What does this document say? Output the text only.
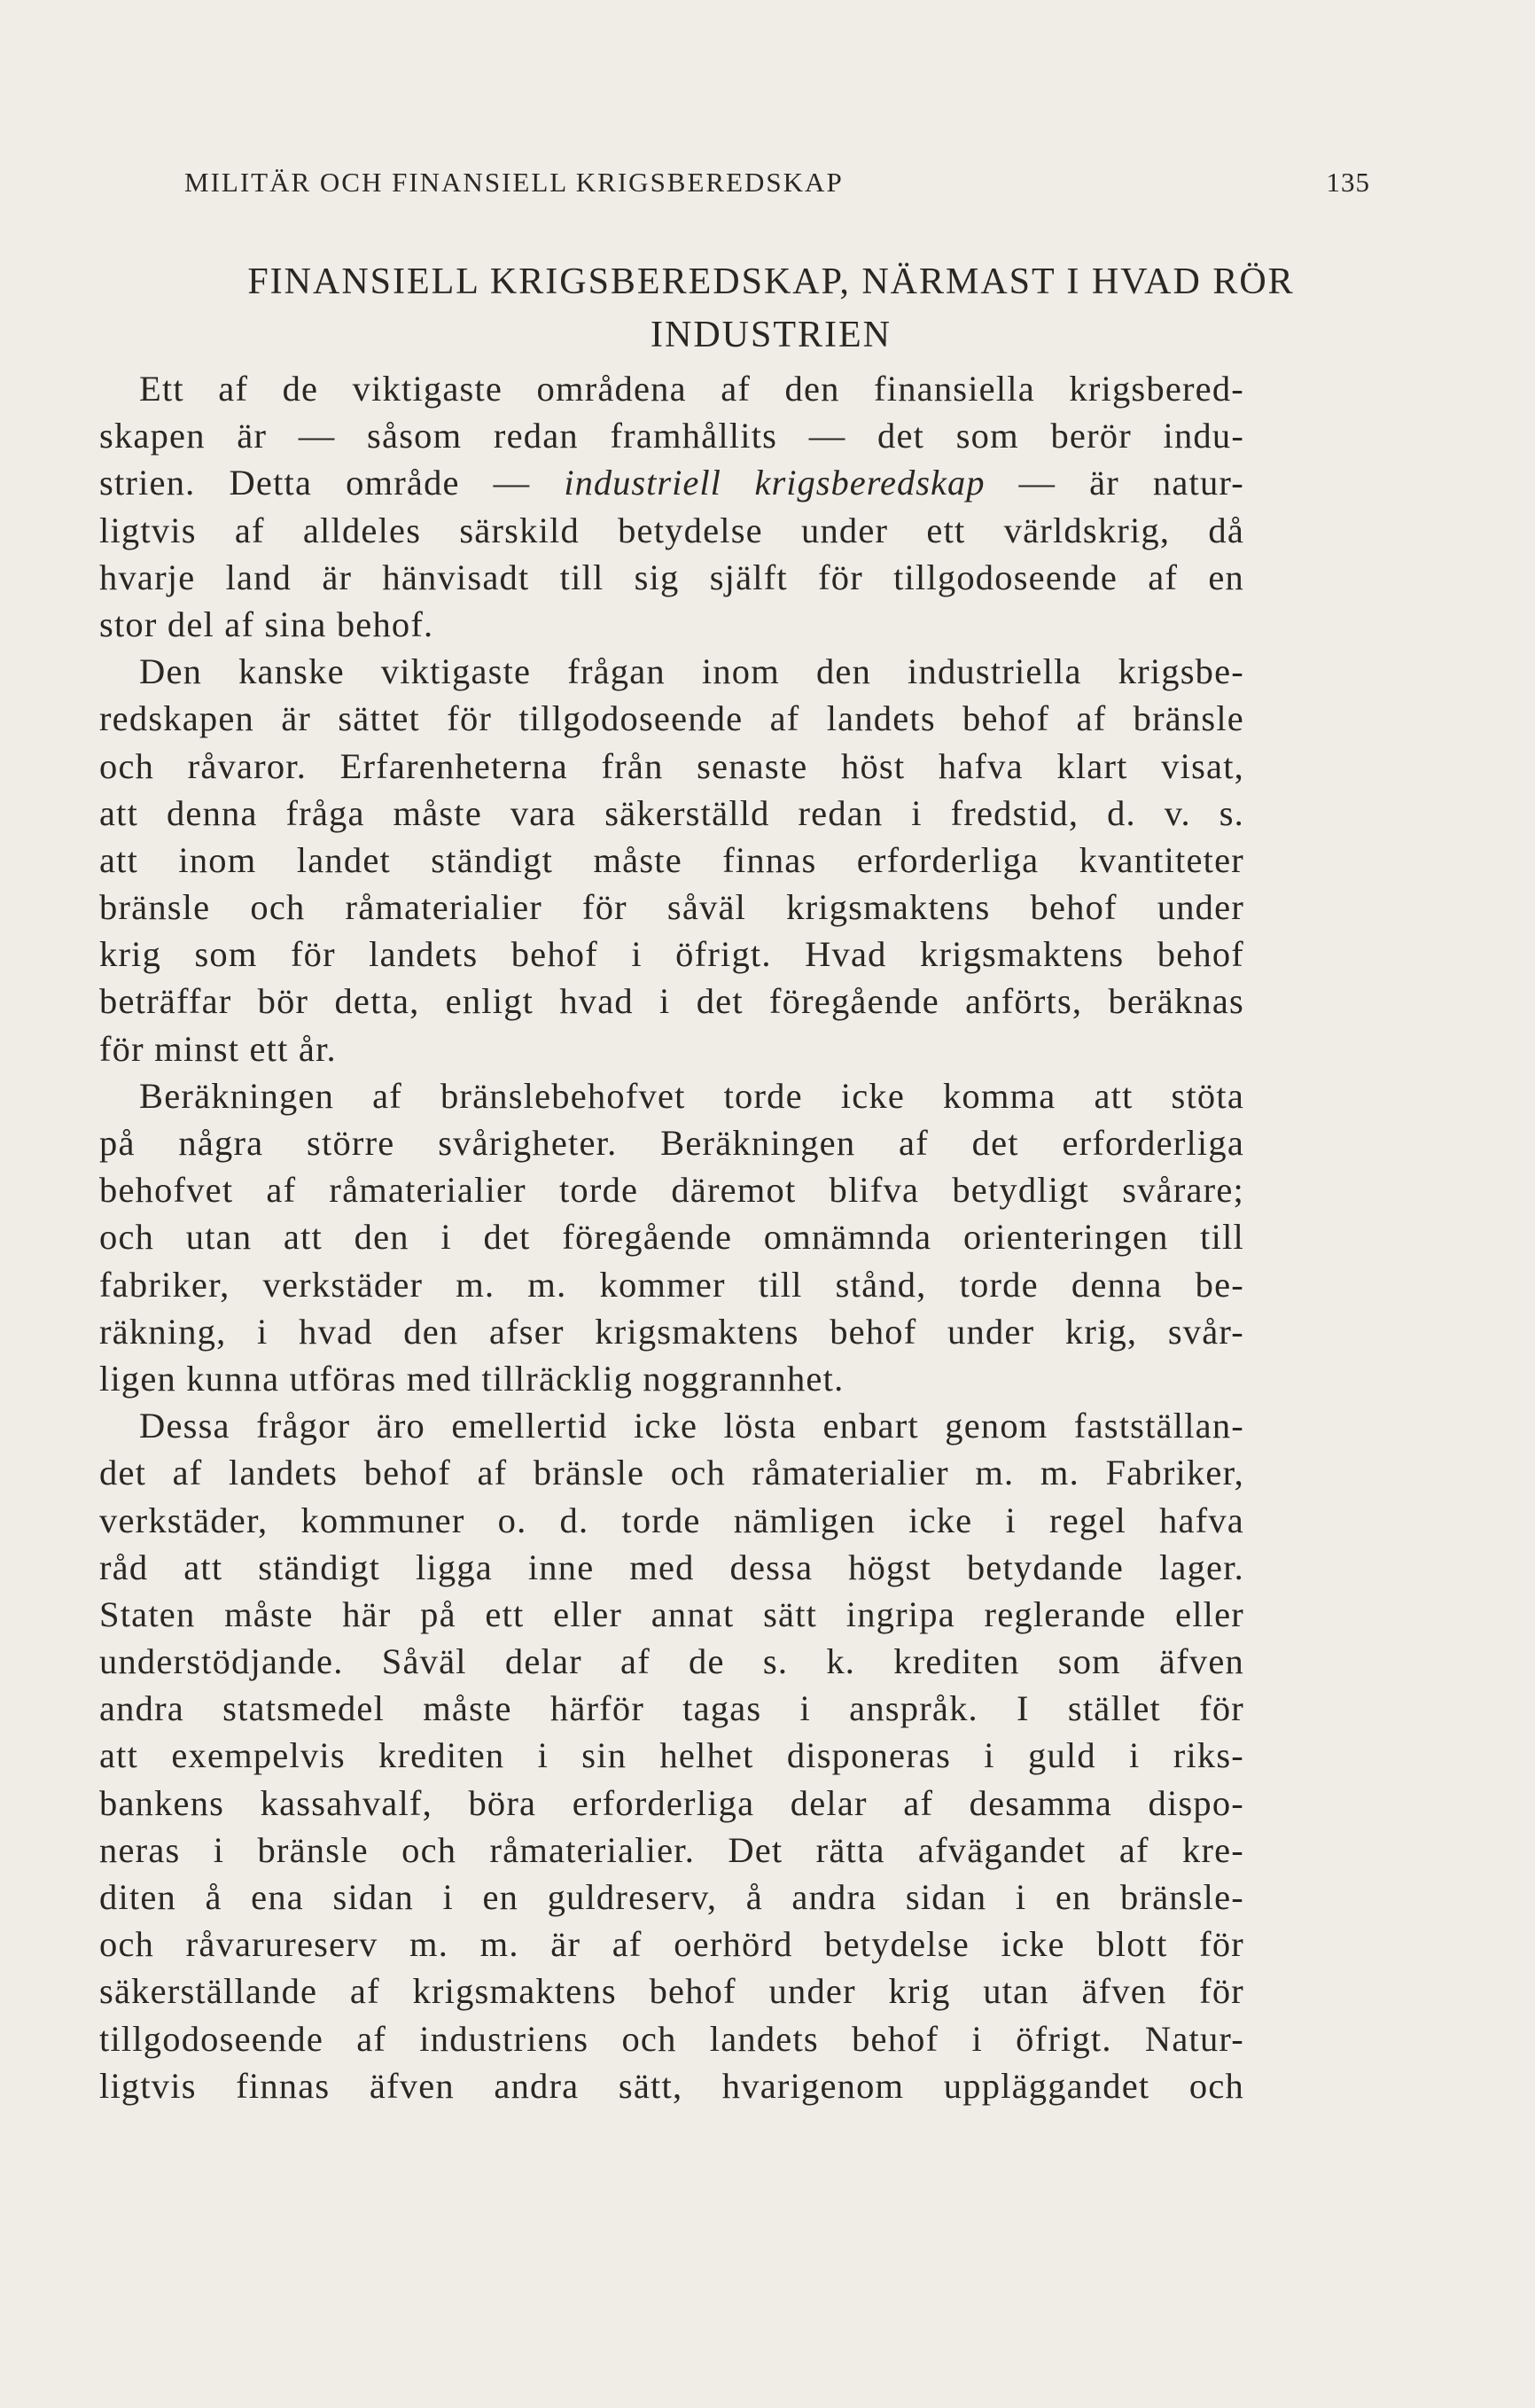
MILITÄR OCH FINANSIELL KRIGSBEREDSKAP	135
FINANSIELL KRIGSBEREDSKAP, NÄRMAST I HVAD RÖR
INDUSTRIEN
Ett af de viktigaste områdena af den finansiella krigsbered-
skapen är — såsom redan framhållits — det som berör indu-
strien. Detta område — industriell krigsberedskap — är natur-
ligtvis af alldeles särskild betydelse under ett världskrig, då
hvarje land är hänvisadt till sig själft för tillgodoseende af en
stor del af sina behof.
Den kanske viktigaste frågan inom den industriella krigsbe-
redskapen är sättet för tillgodoseende af landets behof af bränsle
och råvaror. Erfarenheterna från senaste höst hafva klart visat,
att denna fråga måste vara säkerställd redan i fredstid, d. v. s.
att inom landet ständigt måste finnas erforderliga kvantiteter
bränsle och råmaterialier för såväl krigsmaktens behof under
krig som för landets behof i öfrigt. Hvad krigsmaktens behof
beträffar bör detta, enligt hvad i det föregående anförts, beräknas
för minst ett år.
Beräkningen af bränslebehofvet torde icke komma att stöta
på några större svårigheter. Beräkningen af det erforderliga
behofvet af råmaterialier torde däremot blifva betydligt svårare;
och utan att den i det föregående omnämnda orienteringen till
fabriker, verkstäder m. m. kommer till stånd, torde denna be-
räkning, i hvad den afser krigsmaktens behof under krig, svår-
ligen kunna utföras med tillräcklig noggrannhet.
Dessa frågor äro emellertid icke lösta enbart genom fastställan-
det af landets behof af bränsle och råmaterialier m. m. Fabriker,
verkstäder, kommuner o. d. torde nämligen icke i regel hafva
råd att ständigt ligga inne med dessa högst betydande lager.
Staten måste här på ett eller annat sätt ingripa reglerande eller
understödjande. Såväl delar af de s. k. krediten som äfven
andra statsmedel måste härför tagas i anspråk. I stället för
att exempelvis krediten i sin helhet disponeras i guld i riks-
bankens kassahvalf, böra erforderliga delar af desamma dispo-
neras i bränsle och råmaterialier. Det rätta afvägandet af kre-
diten å ena sidan i en guldreserv, å andra sidan i en bränsle-
och råvarureserv m. m. är af oerhörd betydelse icke blott för
säkerställande af krigsmaktens behof under krig utan äfven för
tillgodoseende af industriens och landets behof i öfrigt. Natur-
ligtvis finnas äfven andra sätt, hvarigenom uppläggandet och
